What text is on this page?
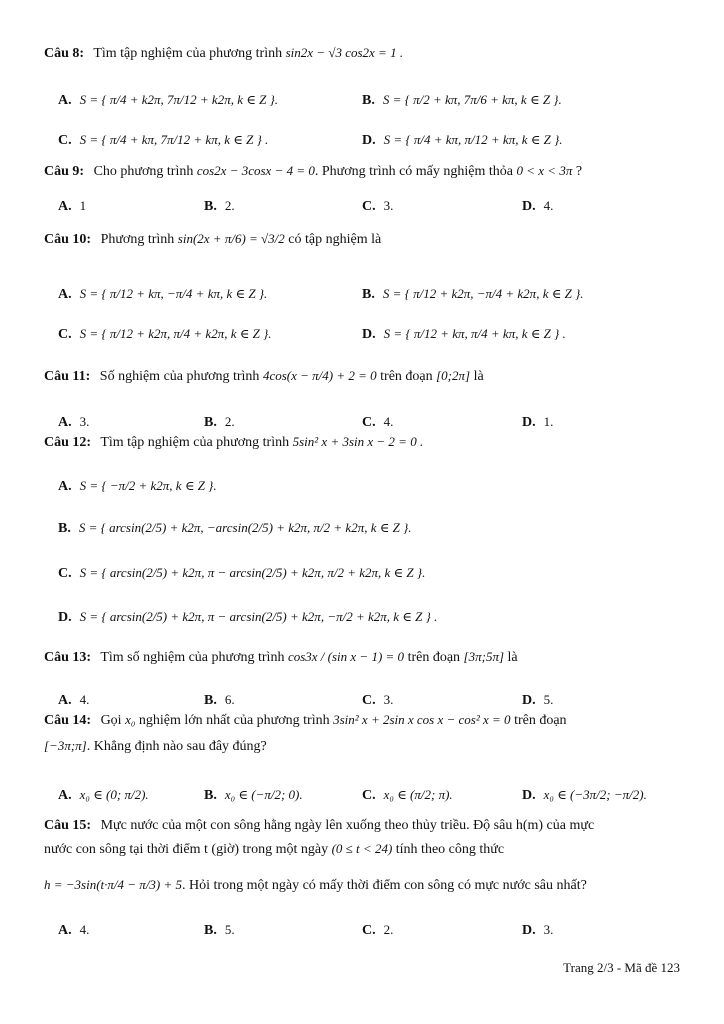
Câu 8: Tìm tập nghiệm của phương trình sin2x − √3 cos2x = 1 .
A. S = { π/4 + k2π, 7π/12 + k2π, k ∈ Z }.	B. S = { π/2 + kπ, 7π/6 + kπ, k ∈ Z }.
C. S = { π/4 + kπ, 7π/12 + kπ, k ∈ Z } .	D. S = { π/4 + kπ, π/12 + kπ, k ∈ Z }.
Câu 9: Cho phương trình cos2x − 3cosx − 4 = 0. Phương trình có mấy nghiệm thỏa 0 < x < 3π ?
A. 1	B. 2.	C. 3.	D. 4.
Câu 10: Phương trình sin(2x + π/6) = √3/2 có tập nghiệm là
A. S = { π/12 + kπ, −π/4 + kπ, k ∈ Z }.	B. S = { π/12 + k2π, −π/4 + k2π, k ∈ Z }.
C. S = { π/12 + k2π, π/4 + k2π, k ∈ Z }.	D. S = { π/12 + kπ, π/4 + kπ, k ∈ Z } .
Câu 11: Số nghiệm của phương trình 4cos(x − π/4) + 2 = 0 trên đoạn [0;2π] là
A. 3.	B. 2.	C. 4.	D. 1.
Câu 12: Tìm tập nghiệm của phương trình 5sin² x + 3sin x − 2 = 0 .
A. S = { −π/2 + k2π, k ∈ Z }.
B. S = { arcsin(2/5) + k2π, −arcsin(2/5) + k2π, π/2 + k2π, k ∈ Z }.
C. S = { arcsin(2/5) + k2π, π − arcsin(2/5) + k2π, π/2 + k2π, k ∈ Z }.
D. S = { arcsin(2/5) + k2π, π − arcsin(2/5) + k2π, −π/2 + k2π, k ∈ Z } .
Câu 13: Tìm số nghiệm của phương trình cos3x / (sin x − 1) = 0 trên đoạn [3π;5π] là
A. 4.	B. 6.	C. 3.	D. 5.
Câu 14: Gọi x₀ nghiệm lớn nhất của phương trình 3sin² x + 2sin x cos x − cos² x = 0 trên đoạn
[−3π;π]. Khẳng định nào sau đây đúng?
A. x₀ ∈ (0; π/2).	B. x₀ ∈ (−π/2; 0).	C. x₀ ∈ (π/2; π).	D. x₀ ∈ (−3π/2; −π/2).
Câu 15: Mực nước của một con sông hằng ngày lên xuống theo thủy triều. Độ sâu h(m) của mực
nước con sông tại thời điểm t (giờ) trong một ngày (0 ≤ t < 24) tính theo công thức
h = −3sin(t·π/4 − π/3) + 5. Hỏi trong một ngày có mấy thời điểm con sông có mực nước sâu nhất?
A. 4.	B. 5.	C. 2.	D. 3.
Trang 2/3 - Mã đề 123
